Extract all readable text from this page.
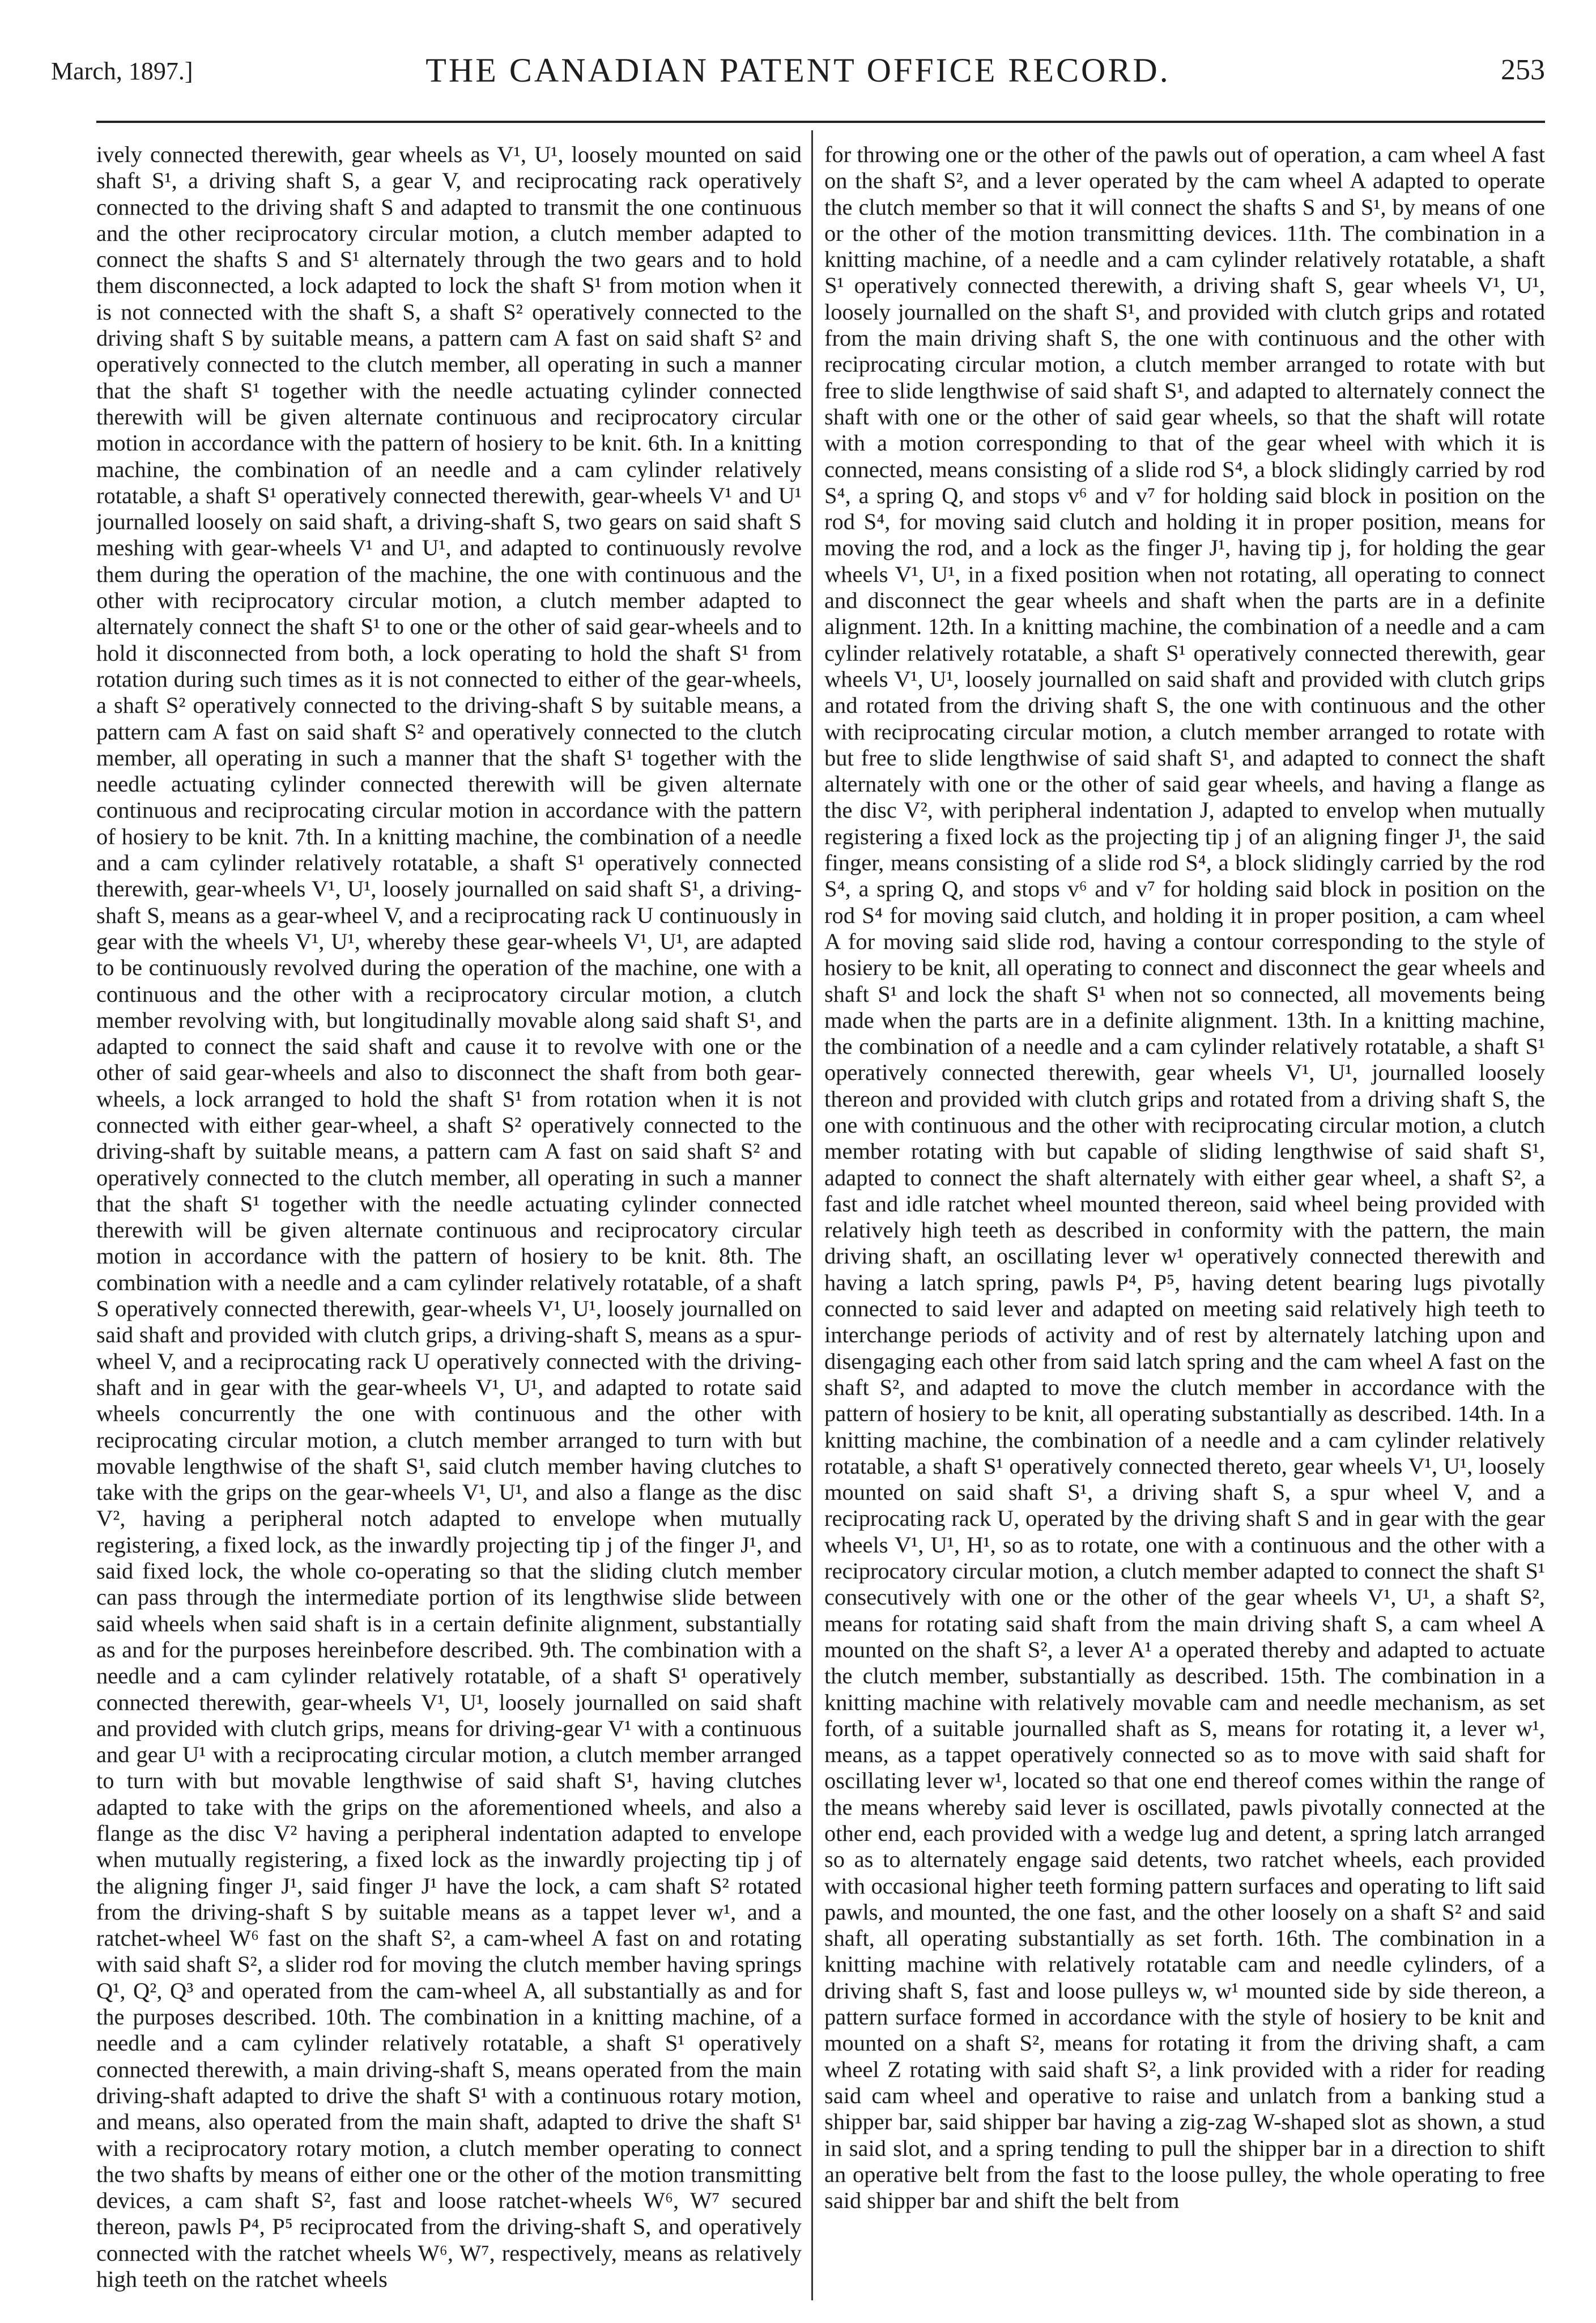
March, 1897.]	THE CANADIAN PATENT OFFICE RECORD.	253

ively connected therewith, gear wheels as V¹, U¹, loosely mounted on said shaft S¹, a driving shaft S, a gear V, and reciprocating rack operatively connected to the driving shaft S and adapted to transmit the one continuous and the other reciprocatory circular motion, a clutch member adapted to connect the shafts S and S¹ alternately through the two gears and to hold them disconnected, a lock adapted to lock the shaft S¹ from motion when it is not connected with the shaft S, a shaft S² operatively connected to the driving shaft S by suitable means, a pattern cam A fast on said shaft S² and operatively connected to the clutch member, all operating in such a manner that the shaft S¹ together with the needle actuating cylinder connected therewith will be given alternate continuous and reciprocatory circular motion in accordance with the pattern of hosiery to be knit. 6th. In a knitting machine, the combination of an needle and a cam cylinder relatively rotatable, a shaft S¹ operatively connected therewith, gear-wheels V¹ and U¹ journalled loosely on said shaft, a driving-shaft S, two gears on said shaft S meshing with gear-wheels V¹ and U¹, and adapted to continuously revolve them during the operation of the machine, the one with continuous and the other with reciprocatory circular motion, a clutch member adapted to alternately connect the shaft S¹ to one or the other of said gear-wheels and to hold it disconnected from both, a lock operating to hold the shaft S¹ from rotation during such times as it is not connected to either of the gear-wheels, a shaft S² operatively connected to the driving-shaft S by suitable means, a pattern cam A fast on said shaft S² and operatively connected to the clutch member, all operating in such a manner that the shaft S¹ together with the needle actuating cylinder connected therewith will be given alternate continuous and reciprocating circular motion in accordance with the pattern of hosiery to be knit. 7th. In a knitting machine, the combination of a needle and a cam cylinder relatively rotatable, a shaft S¹ operatively connected therewith, gear-wheels V¹, U¹, loosely journalled on said shaft S¹, a driving-shaft S, means as a gear-wheel V, and a reciprocating rack U continuously in gear with the wheels V¹, U¹, whereby these gear-wheels V¹, U¹, are adapted to be continuously revolved during the operation of the machine, one with a continuous and the other with a reciprocatory circular motion, a clutch member revolving with, but longitudinally movable along said shaft S¹, and adapted to connect the said shaft and cause it to revolve with one or the other of said gear-wheels and also to disconnect the shaft from both gear-wheels, a lock arranged to hold the shaft S¹ from rotation when it is not connected with either gear-wheel, a shaft S² operatively connected to the driving-shaft by suitable means, a pattern cam A fast on said shaft S² and operatively connected to the clutch member, all operating in such a manner that the shaft S¹ together with the needle actuating cylinder connected therewith will be given alternate continuous and reciprocatory circular motion in accordance with the pattern of hosiery to be knit. 8th. The combination with a needle and a cam cylinder relatively rotatable, of a shaft S operatively connected therewith, gear-wheels V¹, U¹, loosely journalled on said shaft and provided with clutch grips, a driving-shaft S, means as a spur-wheel V, and a reciprocating rack U operatively connected with the driving-shaft and in gear with the gear-wheels V¹, U¹, and adapted to rotate said wheels concurrently the one with continuous and the other with reciprocating circular motion, a clutch member arranged to turn with but movable lengthwise of the shaft S¹, said clutch member having clutches to take with the grips on the gear-wheels V¹, U¹, and also a flange as the disc V², having a peripheral notch adapted to envelope when mutually registering, a fixed lock, as the inwardly projecting tip j of the finger J¹, and said fixed lock, the whole co-operating so that the sliding clutch member can pass through the intermediate portion of its lengthwise slide between said wheels when said shaft is in a certain definite alignment, substantially as and for the purposes hereinbefore described. 9th. The combination with a needle and a cam cylinder relatively rotatable, of a shaft S¹ operatively connected therewith, gear-wheels V¹, U¹, loosely journalled on said shaft and provided with clutch grips, means for driving-gear V¹ with a continuous and gear U¹ with a reciprocating circular motion, a clutch member arranged to turn with but movable lengthwise of said shaft S¹, having clutches adapted to take with the grips on the aforementioned wheels, and also a flange as the disc V² having a peripheral indentation adapted to envelope when mutually registering, a fixed lock as the inwardly projecting tip j of the aligning finger J¹, said finger J¹ have the lock, a cam shaft S² rotated from the driving-shaft S by suitable means as a tappet lever w¹, and a ratchet-wheel W⁶ fast on the shaft S², a cam-wheel A fast on and rotating with said shaft S², a slider rod for moving the clutch member having springs Q¹, Q², Q³ and operated from the cam-wheel A, all substantially as and for the purposes described. 10th. The combination in a knitting machine, of a needle and a cam cylinder relatively rotatable, a shaft S¹ operatively connected therewith, a main driving-shaft S, means operated from the main driving-shaft adapted to drive the shaft S¹ with a continuous rotary motion, and means, also operated from the main shaft, adapted to drive the shaft S¹ with a reciprocatory rotary motion, a clutch member operating to connect the two shafts by means of either one or the other of the motion transmitting devices, a cam shaft S², fast and loose ratchet-wheels W⁶, W⁷ secured thereon, pawls P⁴, P⁵ reciprocated from the driving-shaft S, and operatively connected with the ratchet wheels W⁶, W⁷, respectively, means as relatively high teeth on the ratchet wheels

for throwing one or the other of the pawls out of operation, a cam wheel A fast on the shaft S², and a lever operated by the cam wheel A adapted to operate the clutch member so that it will connect the shafts S and S¹, by means of one or the other of the motion transmitting devices. 11th. The combination in a knitting machine, of a needle and a cam cylinder relatively rotatable, a shaft S¹ operatively connected therewith, a driving shaft S, gear wheels V¹, U¹, loosely journalled on the shaft S¹, and provided with clutch grips and rotated from the main driving shaft S, the one with continuous and the other with reciprocating circular motion, a clutch member arranged to rotate with but free to slide lengthwise of said shaft S¹, and adapted to alternately connect the shaft with one or the other of said gear wheels, so that the shaft will rotate with a motion corresponding to that of the gear wheel with which it is connected, means consisting of a slide rod S⁴, a block slidingly carried by rod S⁴, a spring Q, and stops v⁶ and v⁷ for holding said block in position on the rod S⁴, for moving said clutch and holding it in proper position, means for moving the rod, and a lock as the finger J¹, having tip j, for holding the gear wheels V¹, U¹, in a fixed position when not rotating, all operating to connect and disconnect the gear wheels and shaft when the parts are in a definite alignment. 12th. In a knitting machine, the combination of a needle and a cam cylinder relatively rotatable, a shaft S¹ operatively connected therewith, gear wheels V¹, U¹, loosely journalled on said shaft and provided with clutch grips and rotated from the driving shaft S, the one with continuous and the other with reciprocating circular motion, a clutch member arranged to rotate with but free to slide lengthwise of said shaft S¹, and adapted to connect the shaft alternately with one or the other of said gear wheels, and having a flange as the disc V², with peripheral indentation J, adapted to envelop when mutually registering a fixed lock as the projecting tip j of an aligning finger J¹, the said finger, means consisting of a slide rod S⁴, a block slidingly carried by the rod S⁴, a spring Q, and stops v⁶ and v⁷ for holding said block in position on the rod S⁴ for moving said clutch, and holding it in proper position, a cam wheel A for moving said slide rod, having a contour corresponding to the style of hosiery to be knit, all operating to connect and disconnect the gear wheels and shaft S¹ and lock the shaft S¹ when not so connected, all movements being made when the parts are in a definite alignment. 13th. In a knitting machine, the combination of a needle and a cam cylinder relatively rotatable, a shaft S¹ operatively connected therewith, gear wheels V¹, U¹, journalled loosely thereon and provided with clutch grips and rotated from a driving shaft S, the one with continuous and the other with reciprocating circular motion, a clutch member rotating with but capable of sliding lengthwise of said shaft S¹, adapted to connect the shaft alternately with either gear wheel, a shaft S², a fast and idle ratchet wheel mounted thereon, said wheel being provided with relatively high teeth as described in conformity with the pattern, the main driving shaft, an oscillating lever w¹ operatively connected therewith and having a latch spring, pawls P⁴, P⁵, having detent bearing lugs pivotally connected to said lever and adapted on meeting said relatively high teeth to interchange periods of activity and of rest by alternately latching upon and disengaging each other from said latch spring and the cam wheel A fast on the shaft S², and adapted to move the clutch member in accordance with the pattern of hosiery to be knit, all operating substantially as described. 14th. In a knitting machine, the combination of a needle and a cam cylinder relatively rotatable, a shaft S¹ operatively connected thereto, gear wheels V¹, U¹, loosely mounted on said shaft S¹, a driving shaft S, a spur wheel V, and a reciprocating rack U, operated by the driving shaft S and in gear with the gear wheels V¹, U¹, H¹, so as to rotate, one with a continuous and the other with a reciprocatory circular motion, a clutch member adapted to connect the shaft S¹ consecutively with one or the other of the gear wheels V¹, U¹, a shaft S², means for rotating said shaft from the main driving shaft S, a cam wheel A mounted on the shaft S², a lever A¹ a operated thereby and adapted to actuate the clutch member, substantially as described. 15th. The combination in a knitting machine with relatively movable cam and needle mechanism, as set forth, of a suitable journalled shaft as S, means for rotating it, a lever w¹, means, as a tappet operatively connected so as to move with said shaft for oscillating lever w¹, located so that one end thereof comes within the range of the means whereby said lever is oscillated, pawls pivotally connected at the other end, each provided with a wedge lug and detent, a spring latch arranged so as to alternately engage said detents, two ratchet wheels, each provided with occasional higher teeth forming pattern surfaces and operating to lift said pawls, and mounted, the one fast, and the other loosely on a shaft S² and said shaft, all operating substantially as set forth. 16th. The combination in a knitting machine with relatively rotatable cam and needle cylinders, of a driving shaft S, fast and loose pulleys w, w¹ mounted side by side thereon, a pattern surface formed in accordance with the style of hosiery to be knit and mounted on a shaft S², means for rotating it from the driving shaft, a cam wheel Z rotating with said shaft S², a link provided with a rider for reading said cam wheel and operative to raise and unlatch from a banking stud a shipper bar, said shipper bar having a zig-zag W-shaped slot as shown, a stud in said slot, and a spring tending to pull the shipper bar in a direction to shift an operative belt from the fast to the loose pulley, the whole operating to free said shipper bar and shift the belt from
